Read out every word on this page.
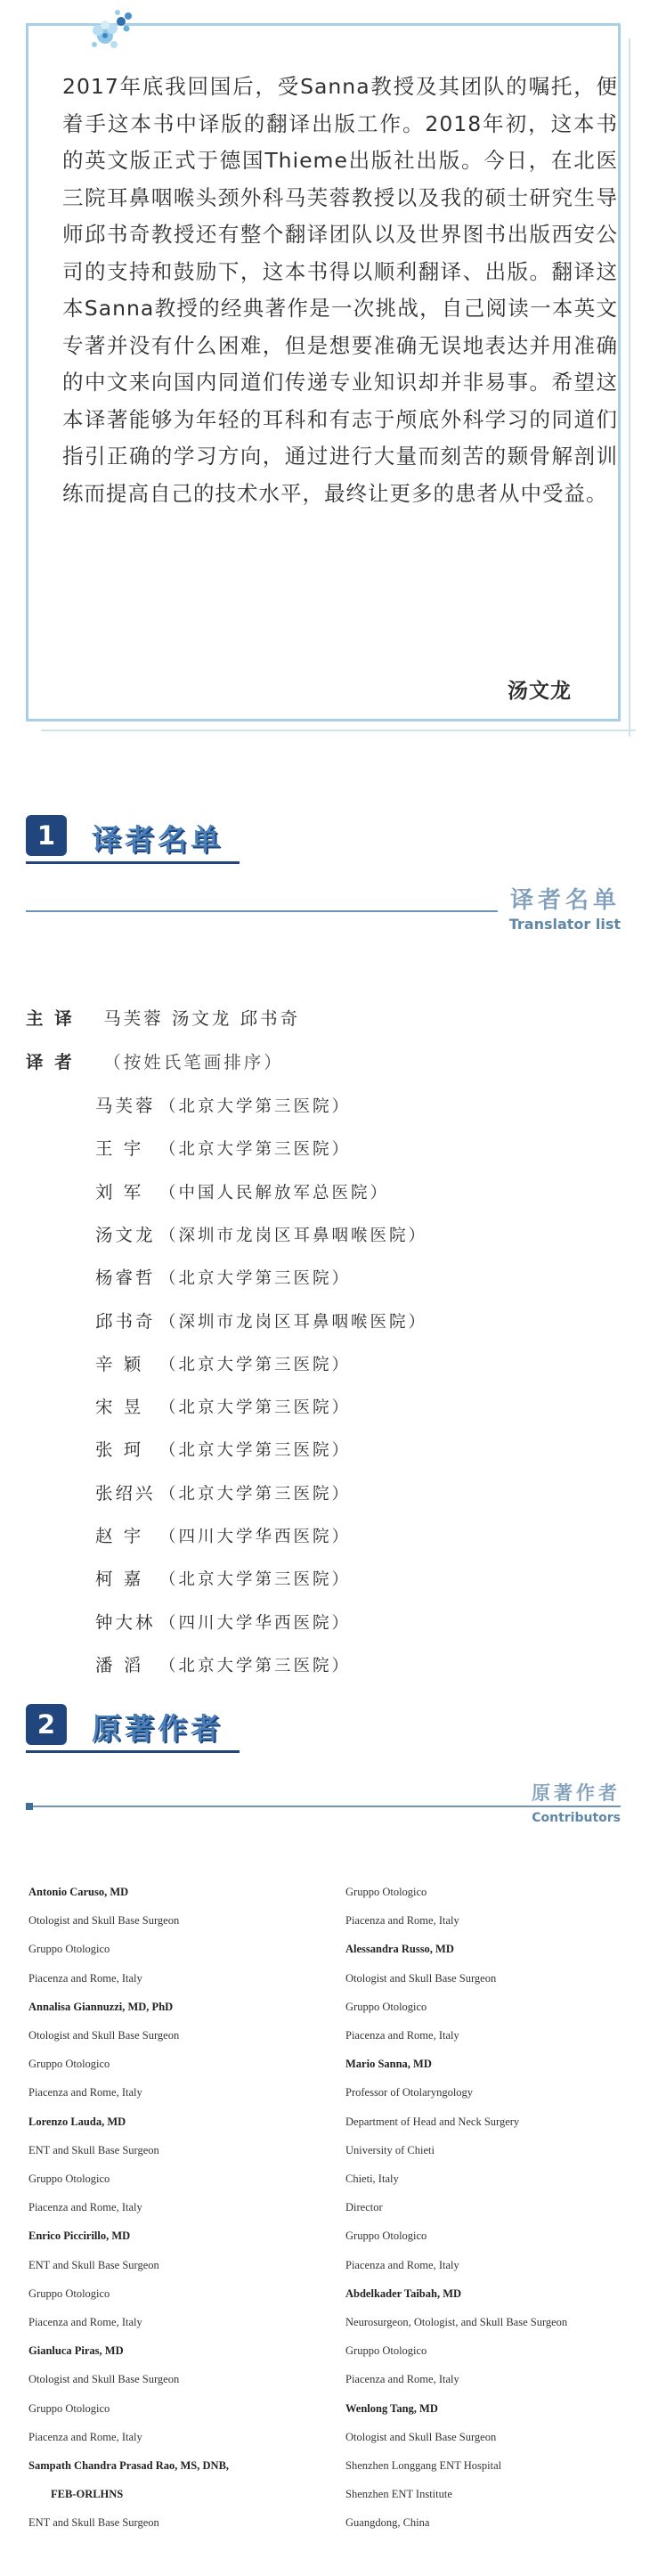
2017年底我回国后，受Sanna教授及其团队的嘱托，便着手这本书中译版的翻译出版工作。2018年初，这本书的英文版正式于德国Thieme出版社出版。今日，在北医三院耳鼻咽喉头颈外科马芙蓉教授以及我的硕士研究生导师邱书奇教授还有整个翻译团队以及世界图书出版西安公司的支持和鼓励下，这本书得以顺利翻译、出版。翻译这本Sanna教授的经典著作是一次挑战，自己阅读一本英文专著并没有什么困难，但是想要准确无误地表达并用准确的中文来向国内同道们传递专业知识却并非易事。希望这本译著能够为年轻的耳科和有志于颅底外科学习的同道们指引正确的学习方向，通过进行大量而刻苦的颞骨解剖训练而提高自己的技术水平，最终让更多的患者从中受益。

汤文龙
1	译者名单
译者名单
Translator list
主 译 马芙蓉 汤文龙 邱书奇
译 者 （按姓氏笔画排序）
马芙蓉 （北京大学第三医院）
王 宇 （北京大学第三医院）
刘 军 （中国人民解放军总医院）
汤文龙 （深圳市龙岗区耳鼻咽喉医院）
杨睿哲 （北京大学第三医院）
邱书奇 （深圳市龙岗区耳鼻咽喉医院）
辛 颖 （北京大学第三医院）
宋 昱 （北京大学第三医院）
张 珂 （北京大学第三医院）
张绍兴 （北京大学第三医院）
赵 宇 （四川大学华西医院）
柯 嘉 （北京大学第三医院）
钟大林 （四川大学华西医院）
潘 滔 （北京大学第三医院）
2	原著作者
原著作者
Contributors
Antonio Caruso, MD
Otologist and Skull Base Surgeon
Gruppo Otologico
Piacenza and Rome, Italy
Annalisa Giannuzzi, MD, PhD
Otologist and Skull Base Surgeon
Gruppo Otologico
Piacenza and Rome, Italy
Lorenzo Lauda, MD
ENT and Skull Base Surgeon
Gruppo Otologico
Piacenza and Rome, Italy
Enrico Piccirillo, MD
ENT and Skull Base Surgeon
Gruppo Otologico
Piacenza and Rome, Italy
Gianluca Piras, MD
Otologist and Skull Base Surgeon
Gruppo Otologico
Piacenza and Rome, Italy
Sampath Chandra Prasad Rao, MS, DNB,
FEB-ORLHNS
ENT and Skull Base Surgeon
Gruppo Otologico
Piacenza and Rome, Italy
Alessandra Russo, MD
Otologist and Skull Base Surgeon
Gruppo Otologico
Piacenza and Rome, Italy
Mario Sanna, MD
Professor of Otolaryngology
Department of Head and Neck Surgery
University of Chieti
Chieti, Italy
Director
Gruppo Otologico
Piacenza and Rome, Italy
Abdelkader Taibah, MD
Neurosurgeon, Otologist, and Skull Base Surgeon
Gruppo Otologico
Piacenza and Rome, Italy
Wenlong Tang, MD
Otologist and Skull Base Surgeon
Shenzhen Longgang ENT Hospital
Shenzhen ENT Institute
Guangdong, China
